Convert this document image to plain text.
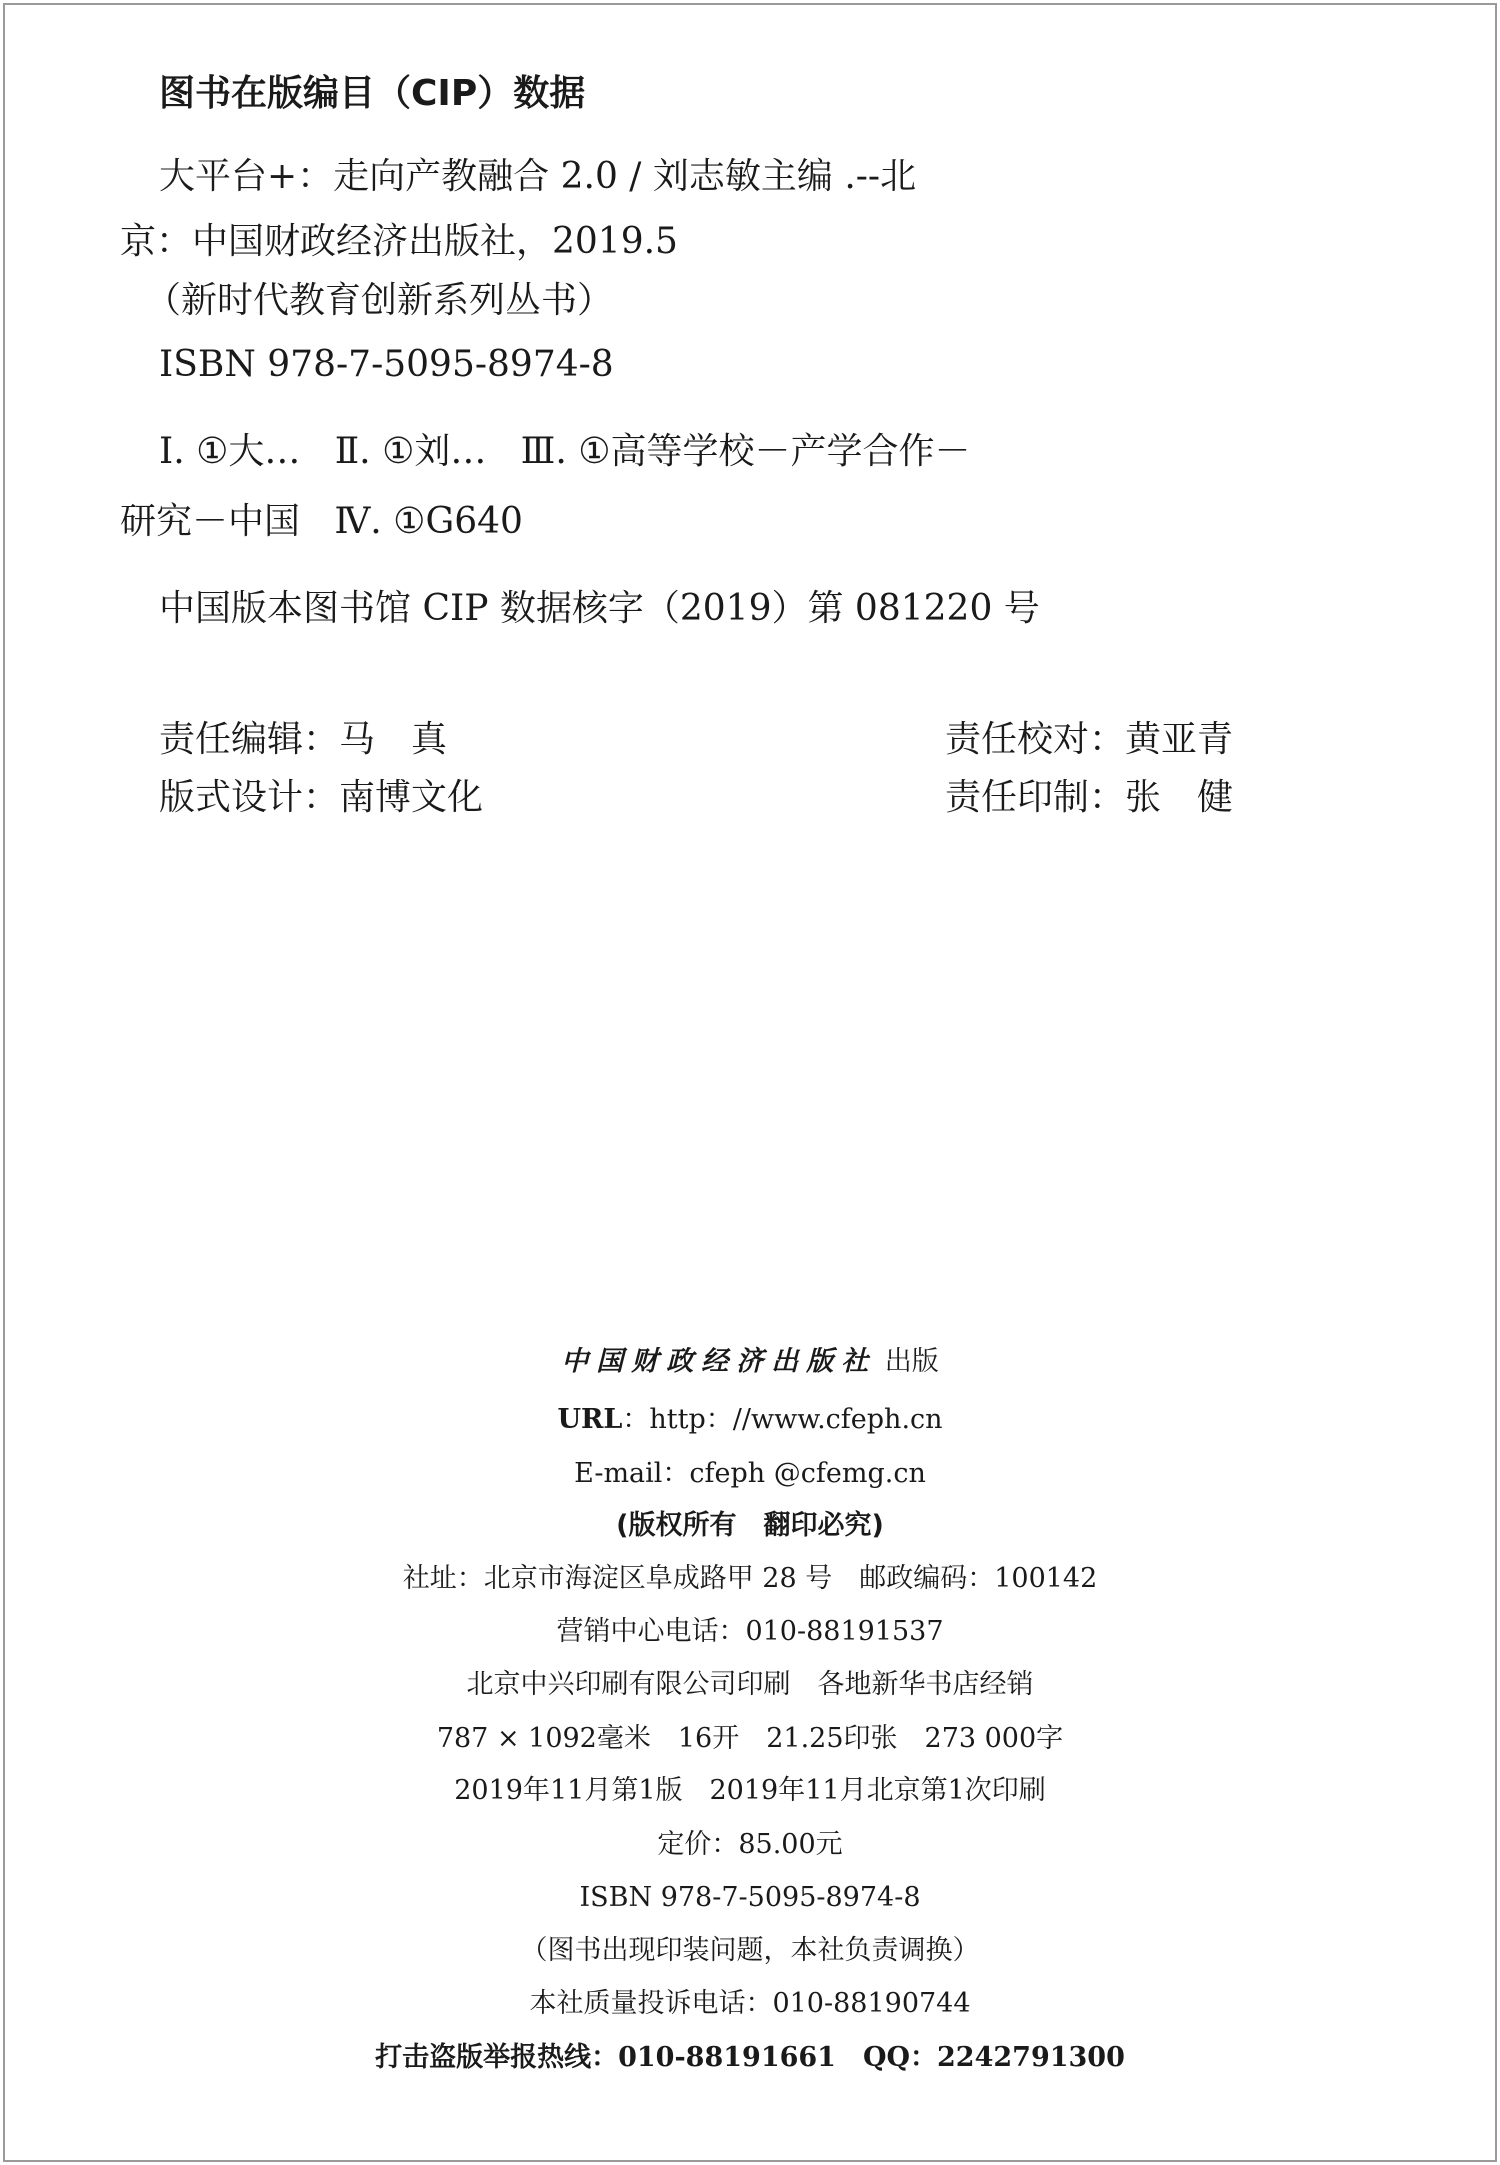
图书在版编目（CIP）数据
大平台+：走向产教融合 2.0 / 刘志敏主编 .--北
京：中国财政经济出版社，2019.5
（新时代教育创新系列丛书）
ISBN 978-7-5095-8974-8
Ⅰ. ①大…   Ⅱ. ①刘…   Ⅲ. ①高等学校－产学合作－
研究－中国   Ⅳ. ①G640
中国版本图书馆 CIP 数据核字（2019）第 081220 号
责任编辑：马　真	责任校对：黄亚青
版式设计：南博文化	责任印制：张　健
中国财政经济出版社 出版
URL：http：//www.cfeph.cn
E-mail：cfeph @cfemg.cn
(版权所有　翻印必究)
社址：北京市海淀区阜成路甲 28 号　邮政编码：100142
营销中心电话：010-88191537
北京中兴印刷有限公司印刷　各地新华书店经销
787 × 1092毫米　16开　21.25印张　273 000字
2019年11月第1版　2019年11月北京第1次印刷
定价：85.00元
ISBN 978-7-5095-8974-8
（图书出现印装问题，本社负责调换）
本社质量投诉电话：010-88190744
打击盗版举报热线：010-88191661　QQ：2242791300
